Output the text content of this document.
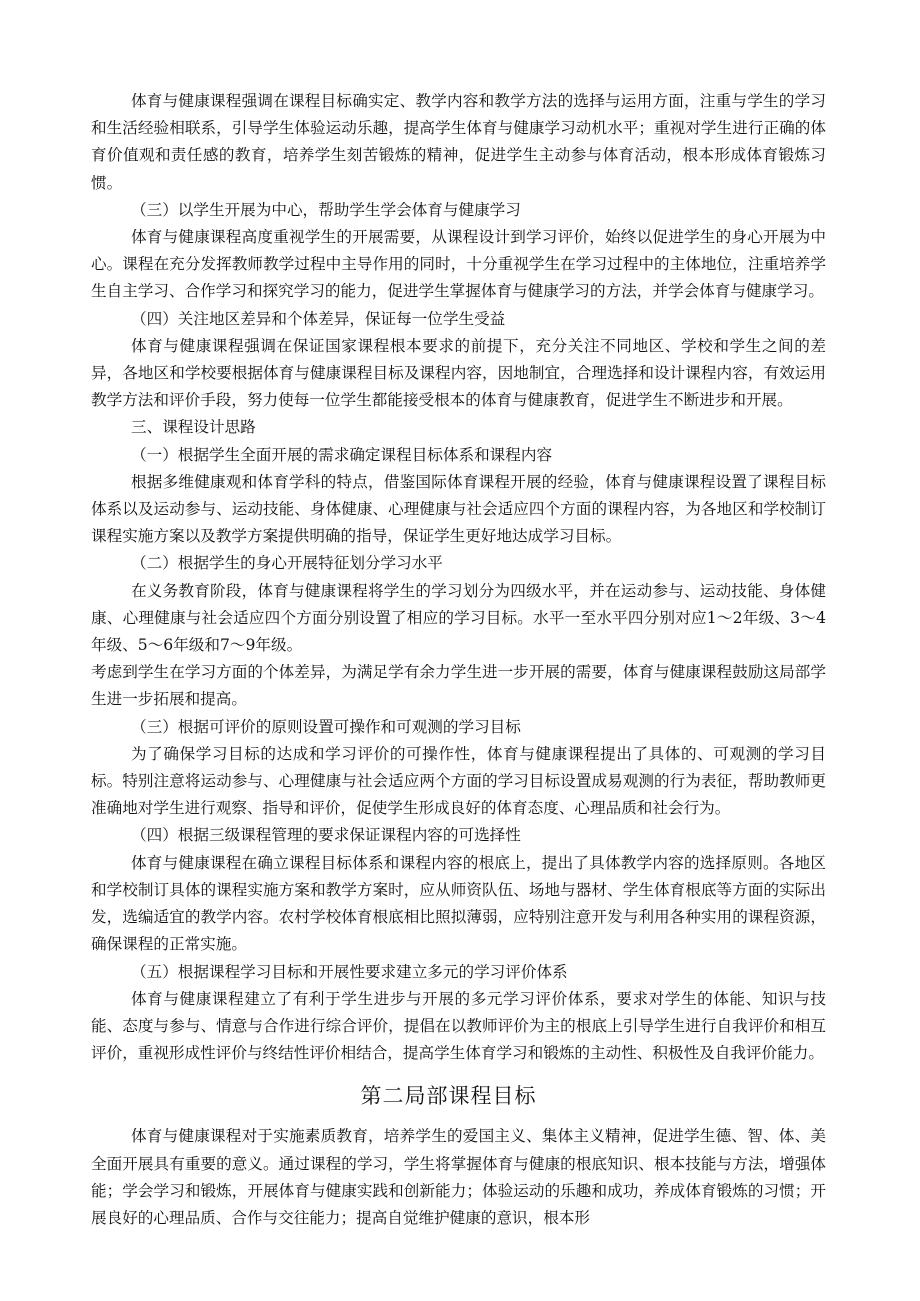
体育与健康课程强调在课程目标确实定、教学内容和教学方法的选择与运用方面，注重与学生的学习和生活经验相联系，引导学生体验运动乐趣，提高学生体育与健康学习动机水平；重视对学生进行正确的体育价值观和责任感的教育，培养学生刻苦锻炼的精神，促进学生主动参与体育活动，根本形成体育锻炼习惯。

（三）以学生开展为中心，帮助学生学会体育与健康学习

体育与健康课程高度重视学生的开展需要，从课程设计到学习评价，始终以促进学生的身心开展为中心。课程在充分发挥教师教学过程中主导作用的同时，十分重视学生在学习过程中的主体地位，注重培养学生自主学习、合作学习和探究学习的能力，促进学生掌握体育与健康学习的方法，并学会体育与健康学习。

（四）关注地区差异和个体差异，保证每一位学生受益

体育与健康课程强调在保证国家课程根本要求的前提下，充分关注不同地区、学校和学生之间的差异，各地区和学校要根据体育与健康课程目标及课程内容，因地制宜，合理选择和设计课程内容，有效运用教学方法和评价手段，努力使每一位学生都能接受根本的体育与健康教育，促进学生不断进步和开展。

三、课程设计思路

（一）根据学生全面开展的需求确定课程目标体系和课程内容

根据多维健康观和体育学科的特点，借鉴国际体育课程开展的经验，体育与健康课程设置了课程目标体系以及运动参与、运动技能、身体健康、心理健康与社会适应四个方面的课程内容，为各地区和学校制订课程实施方案以及教学方案提供明确的指导，保证学生更好地达成学习目标。

（二）根据学生的身心开展特征划分学习水平

在义务教育阶段，体育与健康课程将学生的学习划分为四级水平，并在运动参与、运动技能、身体健康、心理健康与社会适应四个方面分别设置了相应的学习目标。水平一至水平四分别对应1～2年级、3～4年级、5～6年级和7～9年级。

考虑到学生在学习方面的个体差异，为满足学有余力学生进一步开展的需要，体育与健康课程鼓励这局部学生进一步拓展和提高。

（三）根据可评价的原则设置可操作和可观测的学习目标

为了确保学习目标的达成和学习评价的可操作性，体育与健康课程提出了具体的、可观测的学习目标。特别注意将运动参与、心理健康与社会适应两个方面的学习目标设置成易观测的行为表征，帮助教师更准确地对学生进行观察、指导和评价，促使学生形成良好的体育态度、心理品质和社会行为。

（四）根据三级课程管理的要求保证课程内容的可选择性

体育与健康课程在确立课程目标体系和课程内容的根底上，提出了具体教学内容的选择原则。各地区和学校制订具体的课程实施方案和教学方案时，应从师资队伍、场地与器材、学生体育根底等方面的实际出发，选编适宜的教学内容。农村学校体育根底相比照拟薄弱，应特别注意开发与利用各种实用的课程资源，确保课程的正常实施。

（五）根据课程学习目标和开展性要求建立多元的学习评价体系

体育与健康课程建立了有利于学生进步与开展的多元学习评价体系，要求对学生的体能、知识与技能、态度与参与、情意与合作进行综合评价，提倡在以教师评价为主的根底上引导学生进行自我评价和相互评价，重视形成性评价与终结性评价相结合，提高学生体育学习和锻炼的主动性、积极性及自我评价能力。

第二局部课程目标

体育与健康课程对于实施素质教育，培养学生的爱国主义、集体主义精神，促进学生德、智、体、美全面开展具有重要的意义。通过课程的学习，学生将掌握体育与健康的根底知识、根本技能与方法，增强体能；学会学习和锻炼，开展体育与健康实践和创新能力；体验运动的乐趣和成功，养成体育锻炼的习惯；开展良好的心理品质、合作与交往能力；提高自觉维护健康的意识，根本形
